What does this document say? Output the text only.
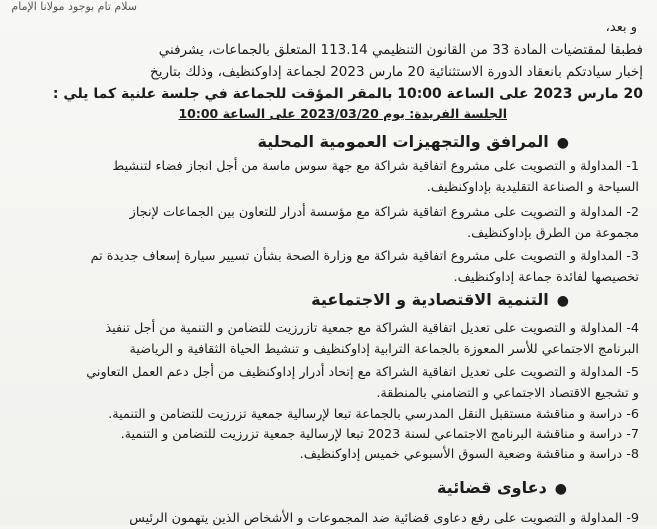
سلام تام بوجود مولانا الإمام
و بعد،
فطبقا لمقتضيات المادة 33 من القانون التنظيمي 113.14 المتعلق بالجماعات، يشرفني
إخبار سيادتكم بانعقاد الدورة الاستثنائية 20 مارس 2023 لجماعة إداوكنظيف، وذلك بتاريخ
20 مارس 2023 على الساعة 10:00 بالمقر المؤقت للجماعة في جلسة علنية كما يلي :
الجلسة الفريدة: يوم 2023/03/20 على الساعة 10:00
●المرافق والتجهيزات العمومية المحلية
1- المداولة و التصويت على مشروع اتفاقية شراكة مع جهة سوس ماسة من أجل انجاز فضاء لتنشيط
السياحة و الصناعة التقليدية بإداوكنظيف.
2- المداولة و التصويت على مشروع اتفاقية شراكة مع مؤسسة أدرار للتعاون بين الجماعات لإنجاز
مجموعة من الطرق بإداوكنظيف.
3- المداولة و التصويت على مشروع اتفاقية شراكة مع وزارة الصحة بشأن تسيير سيارة إسعاف جديدة تم
تخصيصها لفائدة جماعة إداوكنظيف.
●التنمية الاقتصادية و الاجتماعية
4- المداولة و التصويت على تعديل اتفاقية الشراكة مع جمعية تازرزيت للتضامن و التنمية من أجل تنفيذ
البرنامج الاجتماعي للأسر المعوزة بالجماعة الترابية إداوكنظيف و تنشيط الحياة الثقافية و الرياضية
5- المداولة و التصويت على تعديل اتفاقية الشراكة مع إتحاد أدرار إداوكنظيف من أجل دعم العمل التعاوني
و تشجيع الاقتصاد الاجتماعي و التضامني بالمنطقة.
6- دراسة و مناقشة مستقبل النقل المدرسي بالجماعة تبعا لإرسالية جمعية تزرزيت للتضامن و التنمية.
7- دراسة و مناقشة البرنامج الاجتماعي لسنة 2023 تبعا لإرسالية جمعية تزرزيت للتضامن و التنمية.
8- دراسة و مناقشة وضعية السوق الأسبوعي خميس إداوكنظيف.
●دعاوى قضائية
9- المداولة و التصويت على رفع دعاوى قضائية ضد المجموعات و الأشخاص الذين يتهمون الرئيس
